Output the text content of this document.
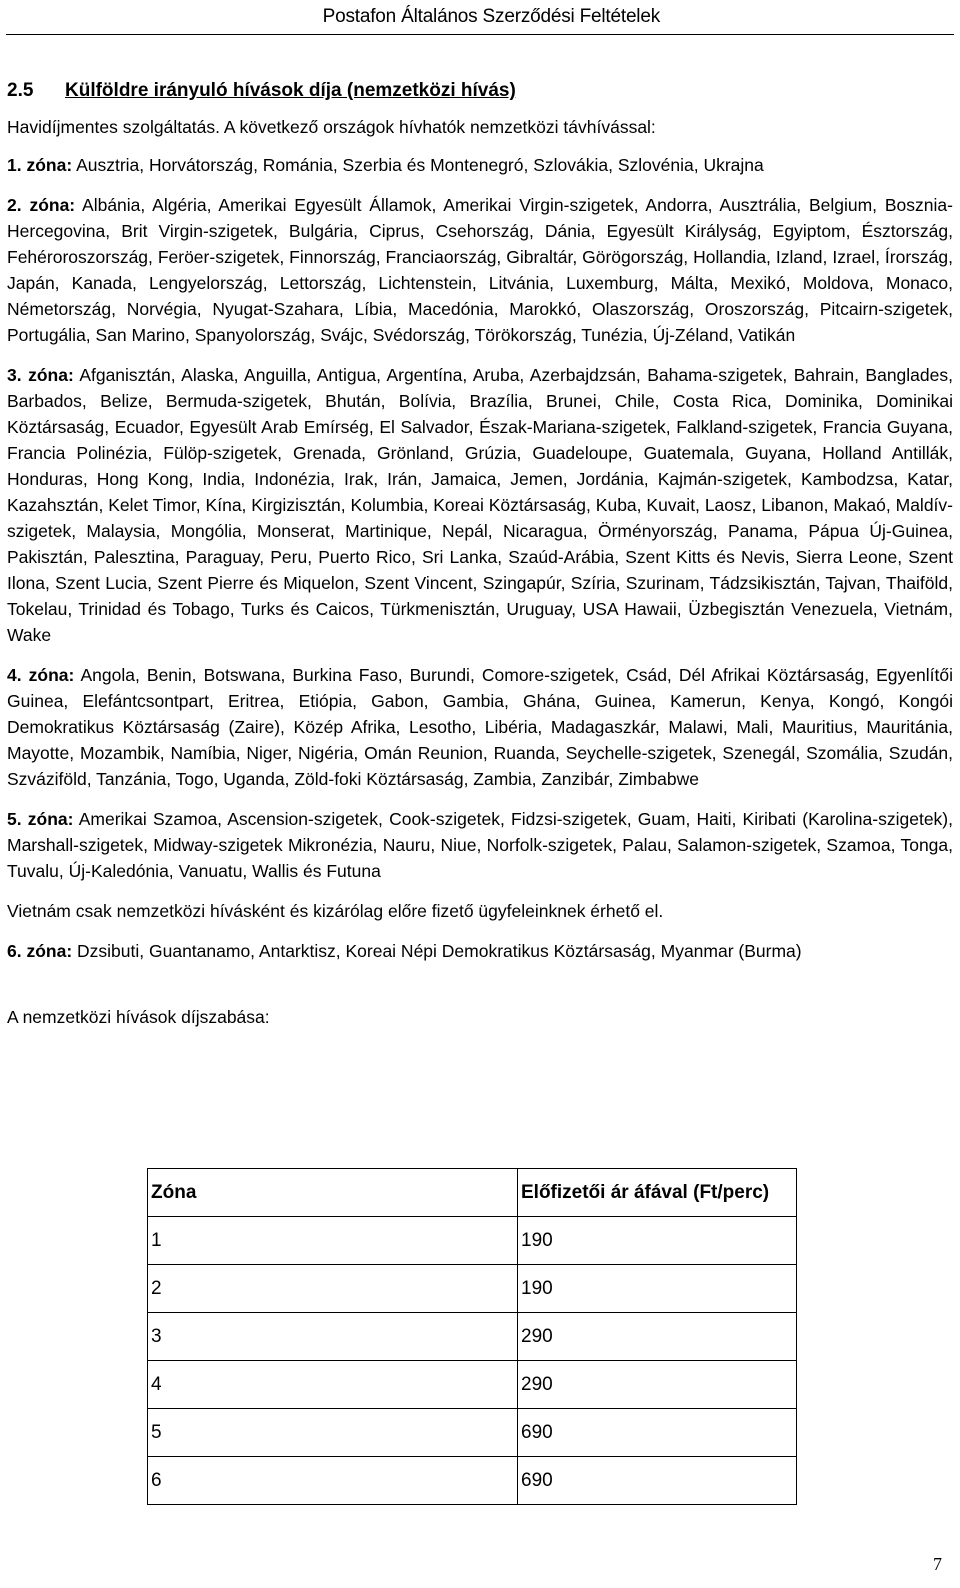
Postafon Általános Szerződési Feltételek
2.5	Külföldre irányuló hívások díja (nemzetközi hívás)

Havidíjmentes szolgáltatás. A következő országok hívhatók nemzetközi távhívással:

1. zóna: Ausztria, Horvátország, Románia, Szerbia és Montenegró, Szlovákia, Szlovénia, Ukrajna

2. zóna: Albánia, Algéria, Amerikai Egyesült Államok, Amerikai Virgin-szigetek, Andorra, Ausztrália, Belgium, Bosznia-Hercegovina, Brit Virgin-szigetek, Bulgária, Ciprus, Csehország, Dánia, Egyesült Királyság, Egyiptom, Észtország, Fehéroroszország, Feröer-szigetek, Finnország, Franciaország, Gibraltár, Görögország, Hollandia, Izland, Izrael, Írország, Japán, Kanada, Lengyelország, Lettország, Lichtenstein, Litvánia, Luxemburg, Málta, Mexikó, Moldova, Monaco, Németország, Norvégia, Nyugat-Szahara, Líbia, Macedónia, Marokkó, Olaszország, Oroszország, Pitcairn-szigetek, Portugália, San Marino, Spanyolország, Svájc, Svédország, Törökország, Tunézia, Új-Zéland, Vatikán

3. zóna: Afganisztán, Alaska, Anguilla, Antigua, Argentína, Aruba, Azerbajdzsán, Bahama-szigetek, Bahrain, Banglades, Barbados, Belize, Bermuda-szigetek, Bhután, Bolívia, Brazília, Brunei, Chile, Costa Rica, Dominika, Dominikai Köztársaság, Ecuador, Egyesült Arab Emírség, El Salvador, Észak-Mariana-szigetek, Falkland-szigetek, Francia Guyana, Francia Polinézia, Fülöp-szigetek, Grenada, Grönland, Grúzia, Guadeloupe, Guatemala, Guyana, Holland Antillák, Honduras, Hong Kong, India, Indonézia, Irak, Irán, Jamaica, Jemen, Jordánia, Kajmán-szigetek, Kambodzsa, Katar, Kazahsztán, Kelet Timor, Kína, Kirgizisztán, Kolumbia, Koreai Köztársaság, Kuba, Kuvait, Laosz, Libanon, Makaó, Maldív-szigetek, Malaysia, Mongólia, Monserat, Martinique, Nepál, Nicaragua, Örményország, Panama, Pápua Új-Guinea, Pakisztán, Palesztina, Paraguay, Peru, Puerto Rico, Sri Lanka, Szaúd-Arábia, Szent Kitts és Nevis, Sierra Leone, Szent Ilona, Szent Lucia, Szent Pierre és Miquelon, Szent Vincent, Szingapúr, Szíria, Szurinam, Tádzsikisztán, Tajvan, Thaiföld, Tokelau, Trinidad és Tobago, Turks és Caicos, Türkmenisztán, Uruguay, USA Hawaii, Üzbegisztán Venezuela, Vietnám, Wake

4. zóna: Angola, Benin, Botswana, Burkina Faso, Burundi, Comore-szigetek, Csád, Dél Afrikai Köztársaság, Egyenlítői Guinea, Elefántcsontpart, Eritrea, Etiópia, Gabon, Gambia, Ghána, Guinea, Kamerun, Kenya, Kongó, Kongói Demokratikus Köztársaság (Zaire), Közép Afrika, Lesotho, Libéria, Madagaszkár, Malawi, Mali, Mauritius, Mauritánia, Mayotte, Mozambik, Namíbia, Niger, Nigéria, Omán Reunion, Ruanda, Seychelle-szigetek, Szenegál, Szomália, Szudán, Szváziföld, Tanzánia, Togo, Uganda, Zöld-foki Köztársaság, Zambia, Zanzibár, Zimbabwe

5. zóna: Amerikai Szamoa, Ascension-szigetek, Cook-szigetek, Fidzsi-szigetek, Guam, Haiti, Kiribati (Karolina-szigetek), Marshall-szigetek, Midway-szigetek Mikronézia, Nauru, Niue, Norfolk-szigetek, Palau, Salamon-szigetek, Szamoa, Tonga, Tuvalu, Új-Kaledónia, Vanuatu, Wallis és Futuna

Vietnám csak nemzetközi hívásként és kizárólag előre fizető ügyfeleinknek érhető el.

6. zóna: Dzsibuti, Guantanamo, Antarktisz, Koreai Népi Demokratikus Köztársaság, Myanmar (Burma)

A nemzetközi hívások díjszabása:

Zóna	Előfizetői ár áfával (Ft/perc)
1	190
2	190
3	290
4	290
5	690
6	690
7
